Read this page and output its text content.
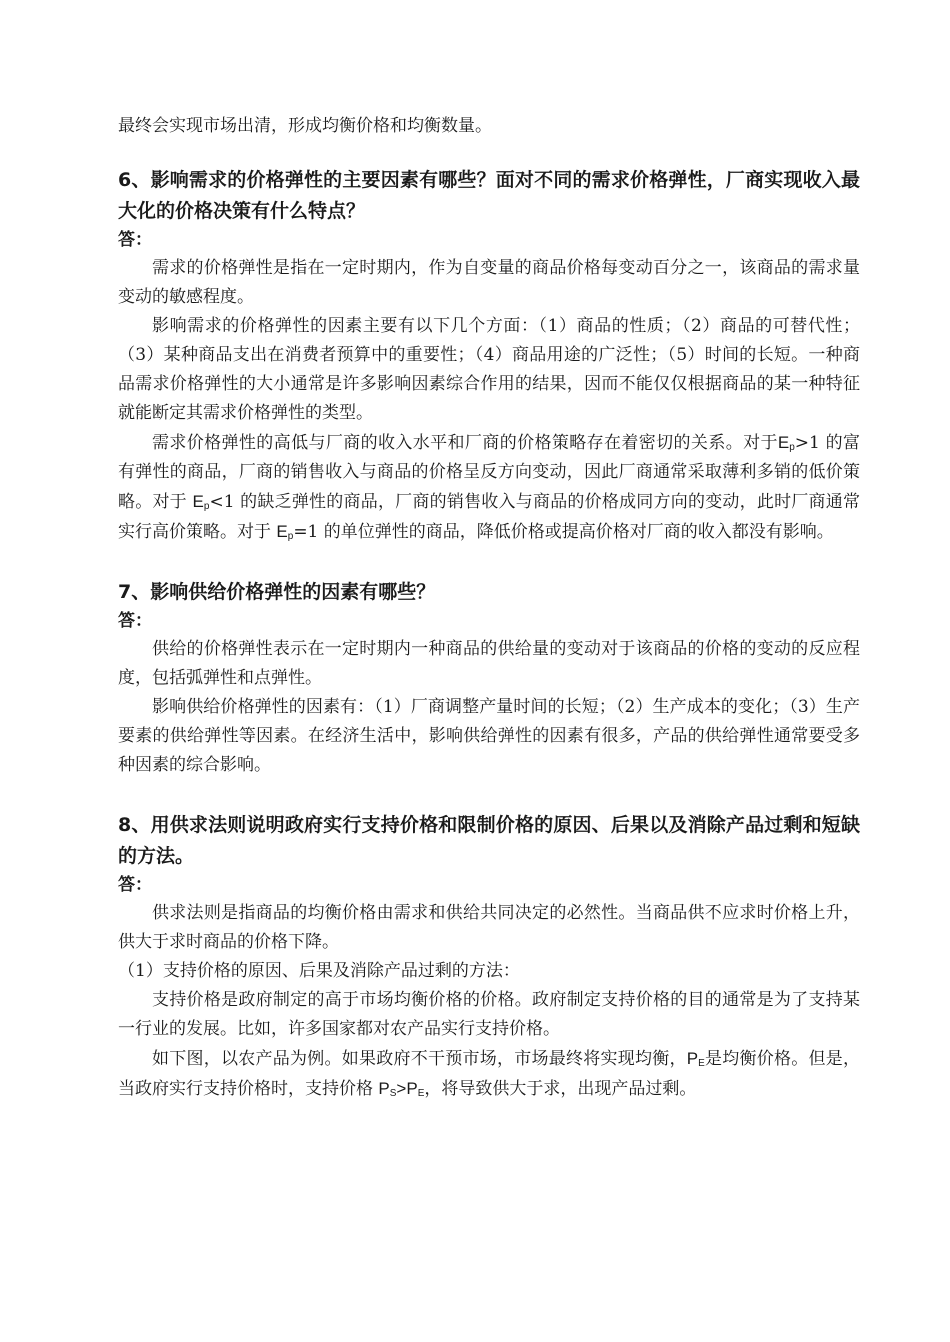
最终会实现市场出清，形成均衡价格和均衡数量。

6、影响需求的价格弹性的主要因素有哪些？面对不同的需求价格弹性，厂商实现收入最大化的价格决策有什么特点？

答：

需求的价格弹性是指在一定时期内，作为自变量的商品价格每变动百分之一，该商品的需求量变动的敏感程度。

影响需求的价格弹性的因素主要有以下几个方面：（1）商品的性质；（2）商品的可替代性；（3）某种商品支出在消费者预算中的重要性；（4）商品用途的广泛性；（5）时间的长短。一种商品需求价格弹性的大小通常是许多影响因素综合作用的结果，因而不能仅仅根据商品的某一种特征就能断定其需求价格弹性的类型。

需求价格弹性的高低与厂商的收入水平和厂商的价格策略存在着密切的关系。对于$E_p>1$ 的富有弹性的商品，厂商的销售收入与商品的价格呈反方向变动，因此厂商通常采取薄利多销的低价策略。对于 $E_p<1$ 的缺乏弹性的商品，厂商的销售收入与商品的价格成同方向的变动，此时厂商通常实行高价策略。对于 $E_p=1$ 的单位弹性的商品，降低价格或提高价格对厂商的收入都没有影响。

7、影响供给价格弹性的因素有哪些？

答：

供给的价格弹性表示在一定时期内一种商品的供给量的变动对于该商品的价格的变动的反应程度，包括弧弹性和点弹性。

影响供给价格弹性的因素有：（1）厂商调整产量时间的长短；（2）生产成本的变化；（3）生产要素的供给弹性等因素。在经济生活中，影响供给弹性的因素有很多，产品的供给弹性通常要受多种因素的综合影响。

8、用供求法则说明政府实行支持价格和限制价格的原因、后果以及消除产品过剩和短缺的方法。

答：

供求法则是指商品的均衡价格由需求和供给共同决定的必然性。当商品供不应求时价格上升，供大于求时商品的价格下降。

（1）支持价格的原因、后果及消除产品过剩的方法：

支持价格是政府制定的高于市场均衡价格的价格。政府制定支持价格的目的通常是为了支持某一行业的发展。比如，许多国家都对农产品实行支持价格。

如下图，以农产品为例。如果政府不干预市场，市场最终将实现均衡，$P_E$是均衡价格。但是，当政府实行支持价格时，支持价格 $P_S>P_E$，将导致供大于求，出现产品过剩。
